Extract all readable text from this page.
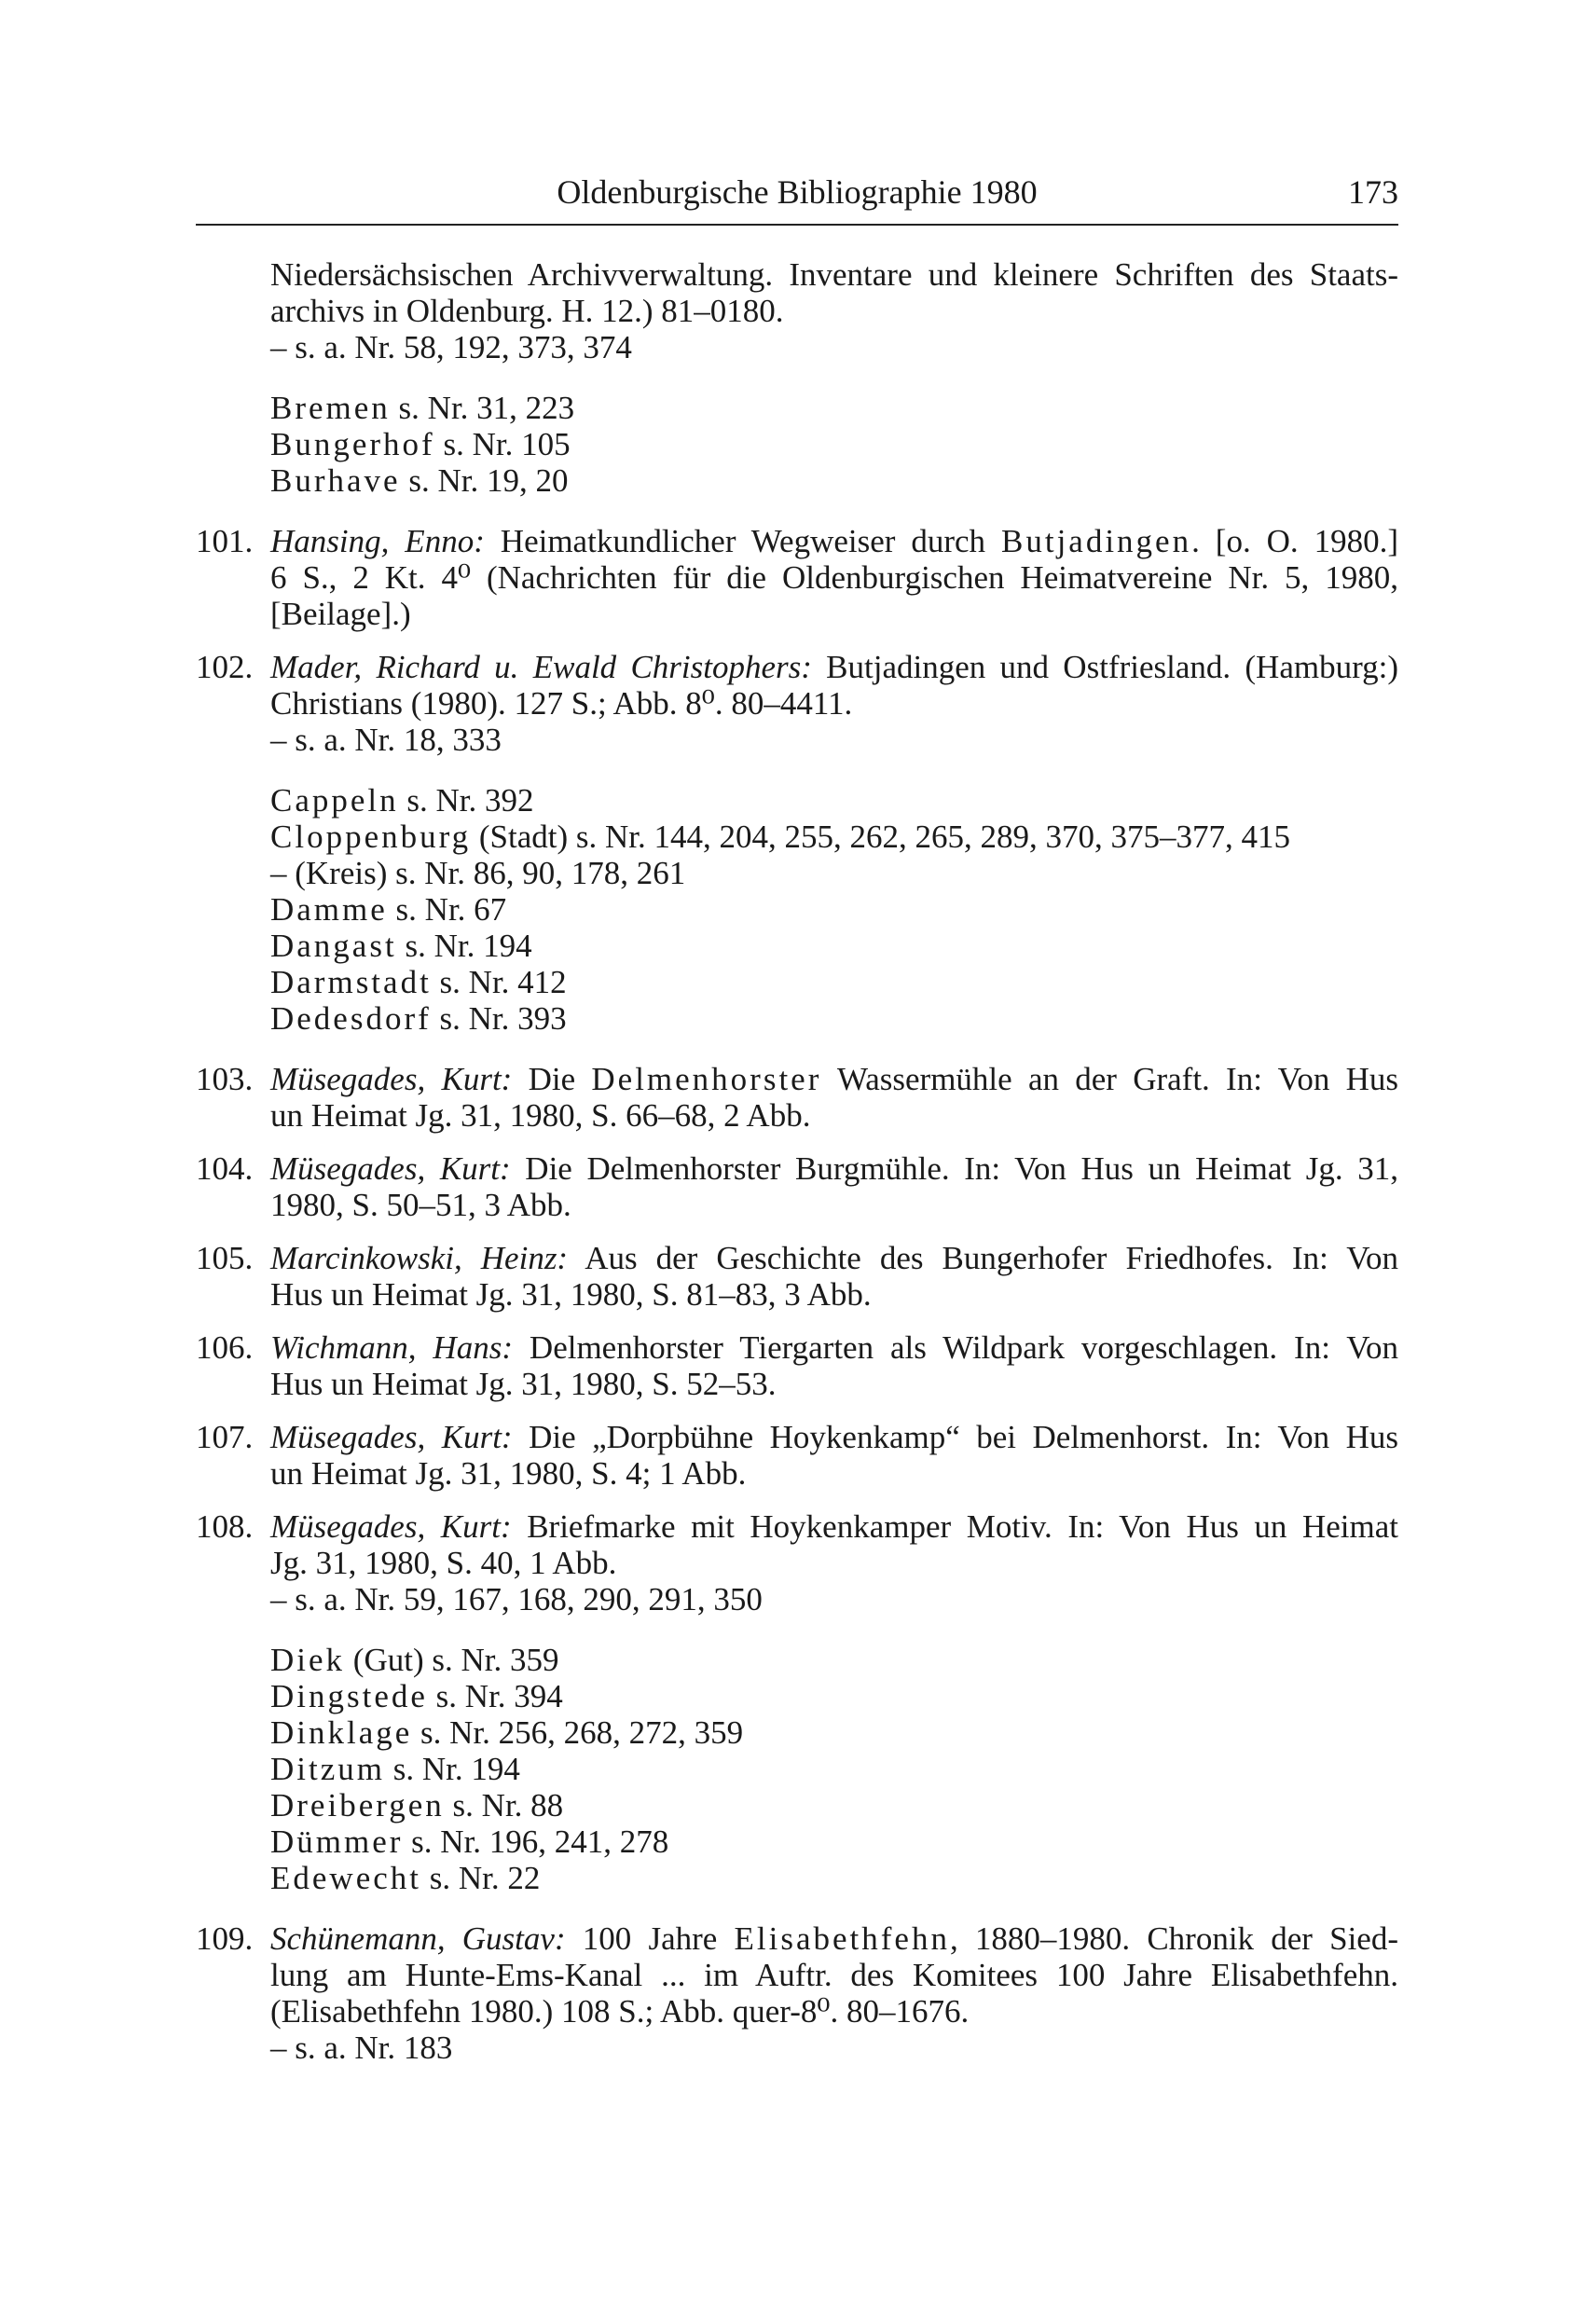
Oldenburgische Bibliographie 1980	173
Niedersächsischen Archivverwaltung. Inventare und kleinere Schriften des Staats-
archivs in Oldenburg. H. 12.) 81–0180.
– s. a. Nr. 58, 192, 373, 374
Bremen s. Nr. 31, 223
Bungerhof s. Nr. 105
Burhave s. Nr. 19, 20
101. Hansing, Enno: Heimatkundlicher Wegweiser durch Butjadingen. [o. O. 1980.]
6 S., 2 Kt. 4⁰ (Nachrichten für die Oldenburgischen Heimatvereine Nr. 5, 1980,
[Beilage].)
102. Mader, Richard u. Ewald Christophers: Butjadingen und Ostfriesland. (Hamburg:)
Christians (1980). 127 S.; Abb. 8⁰. 80–4411.
– s. a. Nr. 18, 333
Cappeln s. Nr. 392
Cloppenburg (Stadt) s. Nr. 144, 204, 255, 262, 265, 289, 370, 375–377, 415
– (Kreis) s. Nr. 86, 90, 178, 261
Damme s. Nr. 67
Dangast s. Nr. 194
Darmstadt s. Nr. 412
Dedesdorf s. Nr. 393
103. Müsegades, Kurt: Die Delmenhorster Wassermühle an der Graft. In: Von Hus
un Heimat Jg. 31, 1980, S. 66–68, 2 Abb.
104. Müsegades, Kurt: Die Delmenhorster Burgmühle. In: Von Hus un Heimat Jg. 31,
1980, S. 50–51, 3 Abb.
105. Marcinkowski, Heinz: Aus der Geschichte des Bungerhofer Friedhofes. In: Von
Hus un Heimat Jg. 31, 1980, S. 81–83, 3 Abb.
106. Wichmann, Hans: Delmenhorster Tiergarten als Wildpark vorgeschlagen. In: Von
Hus un Heimat Jg. 31, 1980, S. 52–53.
107. Müsegades, Kurt: Die „Dorpbühne Hoykenkamp“ bei Delmenhorst. In: Von Hus
un Heimat Jg. 31, 1980, S. 4; 1 Abb.
108. Müsegades, Kurt: Briefmarke mit Hoykenkamper Motiv. In: Von Hus un Heimat
Jg. 31, 1980, S. 40, 1 Abb.
– s. a. Nr. 59, 167, 168, 290, 291, 350
Diek (Gut) s. Nr. 359
Dingstede s. Nr. 394
Dinklage s. Nr. 256, 268, 272, 359
Ditzum s. Nr. 194
Dreibergen s. Nr. 88
Dümmer s. Nr. 196, 241, 278
Edewecht s. Nr. 22
109. Schünemann, Gustav: 100 Jahre Elisabethfehn, 1880–1980. Chronik der Sied-
lung am Hunte-Ems-Kanal ... im Auftr. des Komitees 100 Jahre Elisabethfehn.
(Elisabethfehn 1980.) 108 S.; Abb. quer-8⁰. 80–1676.
– s. a. Nr. 183
